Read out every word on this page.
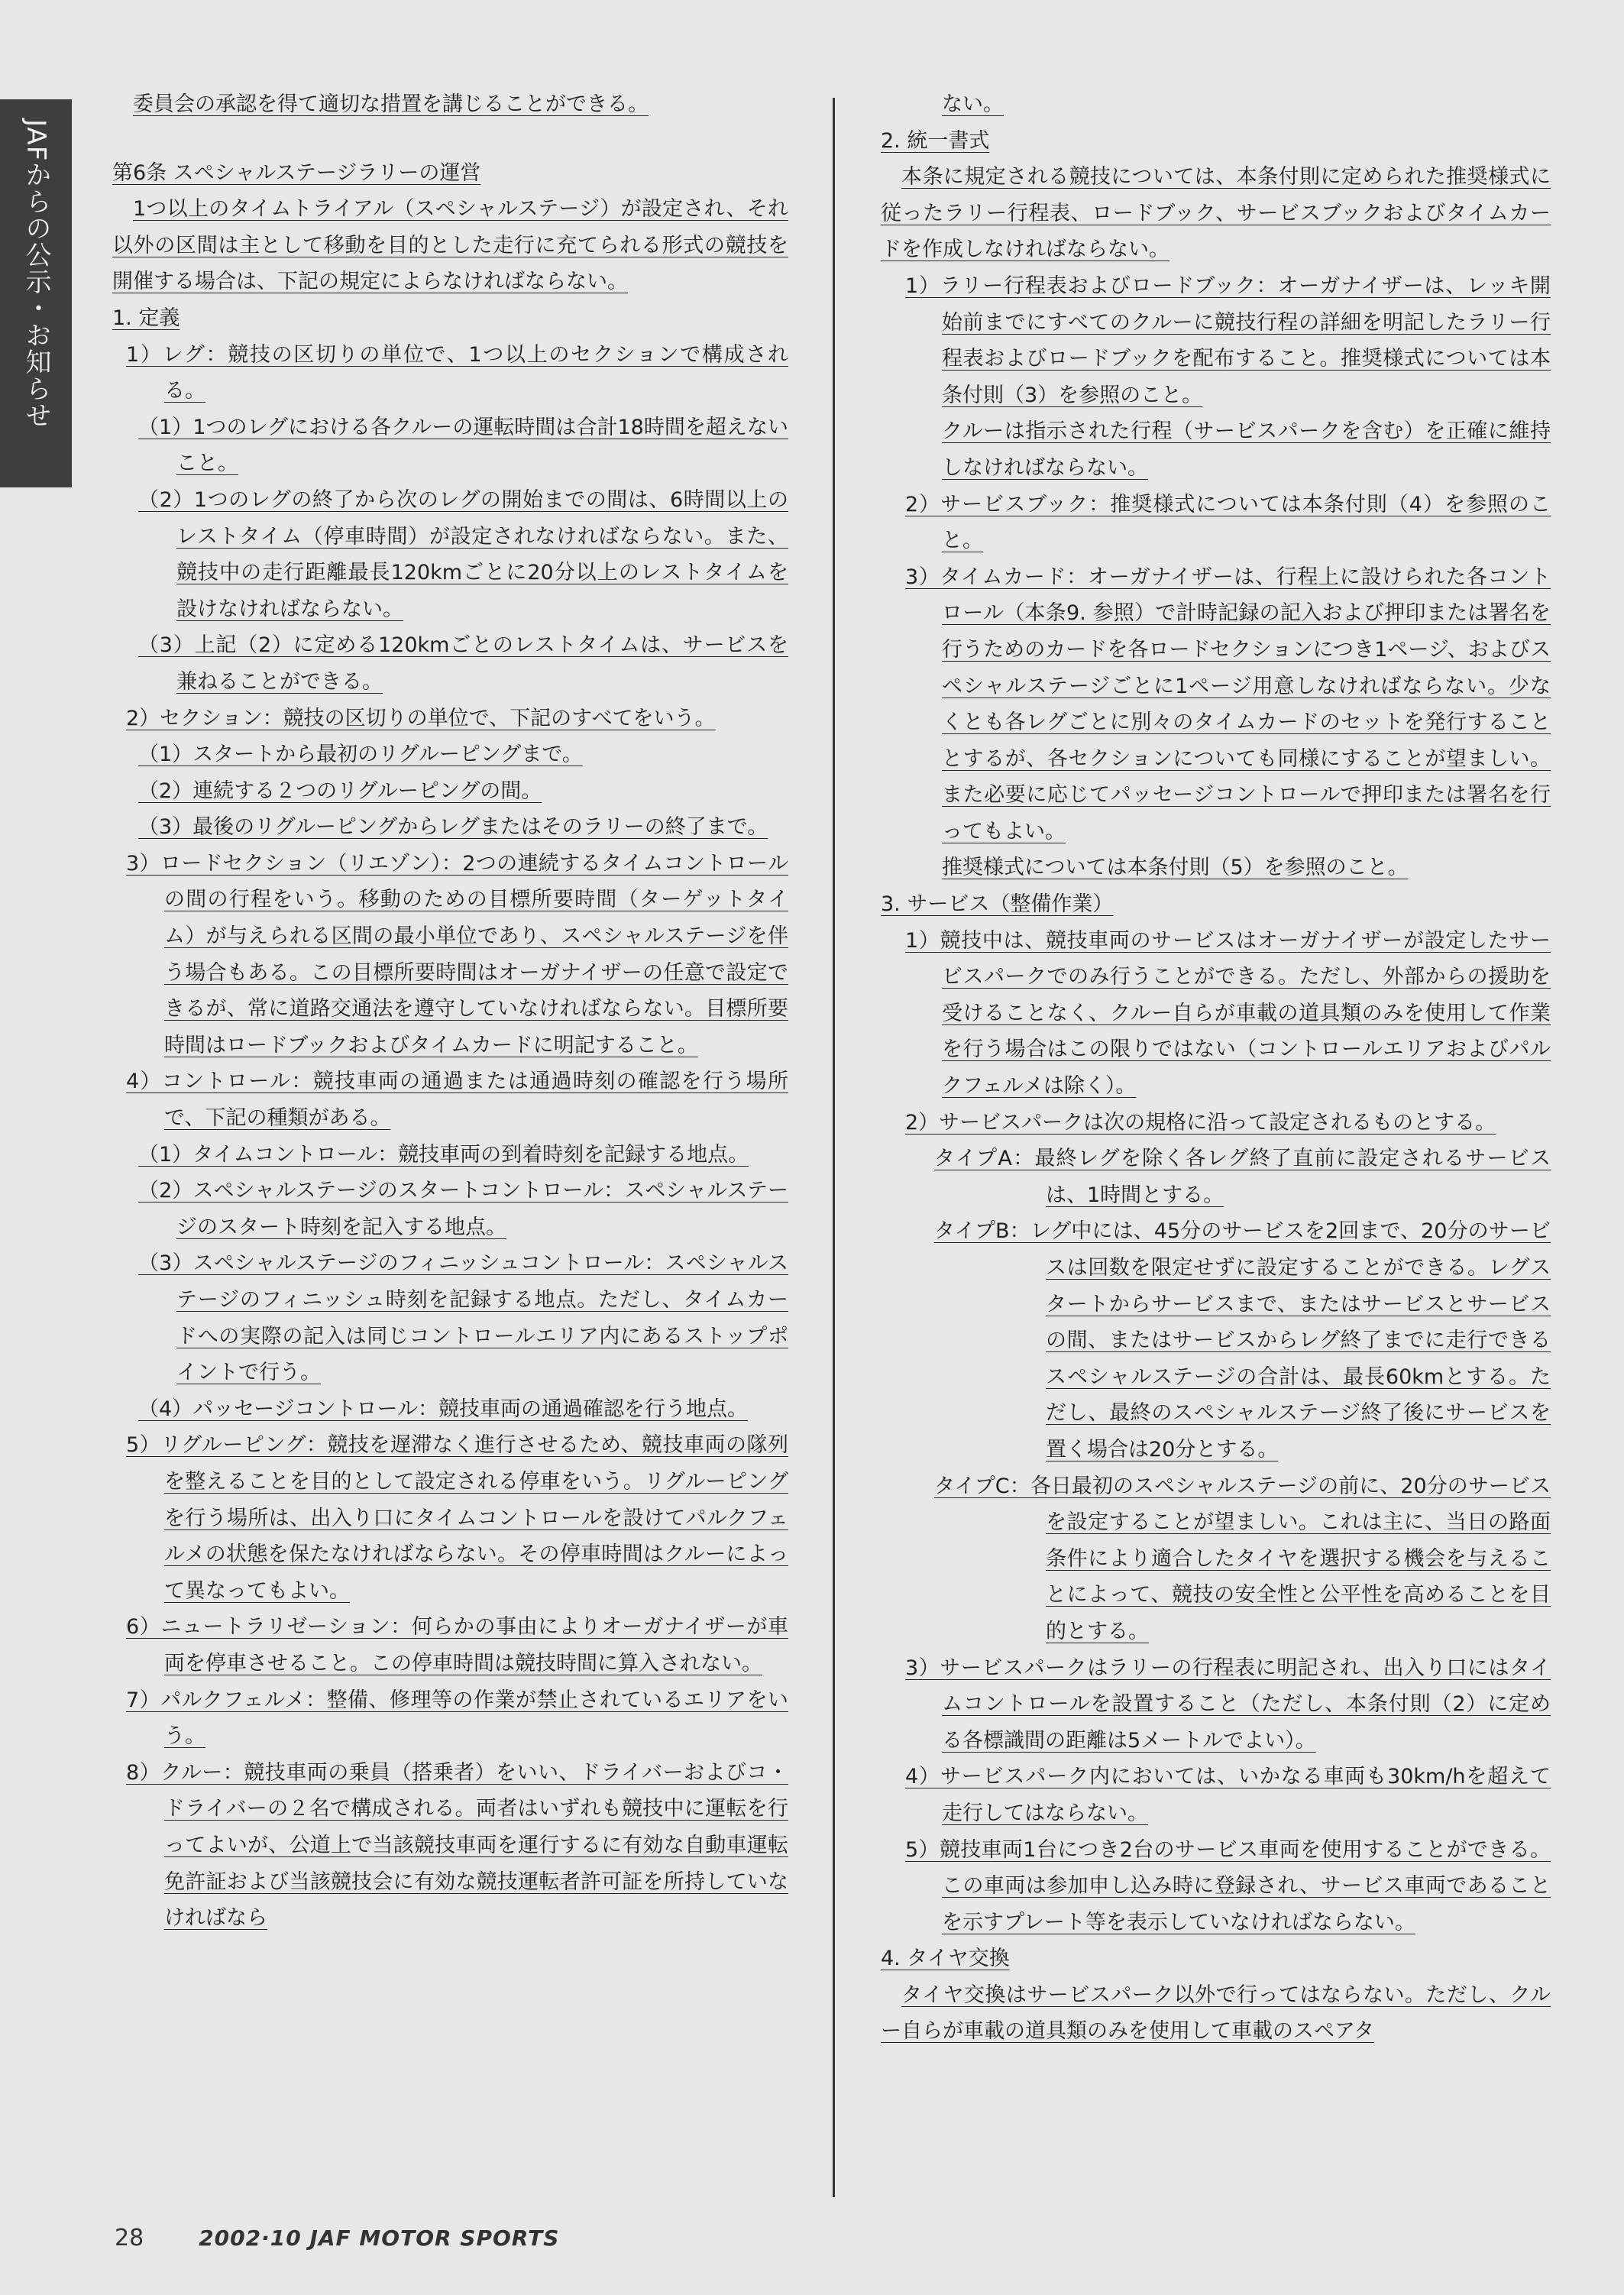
JAFからの公示・お知らせ

委員会の承認を得て適切な措置を講じることができる。

第6条 スペシャルステージラリーの運営

1つ以上のタイムトライアル（スペシャルステージ）が設定され、それ以外の区間は主として移動を目的とした走行に充てられる形式の競技を開催する場合は、下記の規定によらなければならない。

1. 定義

1）レグ：競技の区切りの単位で、1つ以上のセクションで構成される。

（1）1つのレグにおける各クルーの運転時間は合計18時間を超えないこと。

（2）1つのレグの終了から次のレグの開始までの間は、6時間以上のレストタイム（停車時間）が設定されなければならない。また、競技中の走行距離最長120kmごとに20分以上のレストタイムを設けなければならない。

（3）上記（2）に定める120kmごとのレストタイムは、サービスを兼ねることができる。

2）セクション：競技の区切りの単位で、下記のすべてをいう。

（1）スタートから最初のリグルーピングまで。

（2）連続する２つのリグルーピングの間。

（3）最後のリグルーピングからレグまたはそのラリーの終了まで。

3）ロードセクション（リエゾン）：2つの連続するタイムコントロールの間の行程をいう。移動のための目標所要時間（ターゲットタイム）が与えられる区間の最小単位であり、スペシャルステージを伴う場合もある。この目標所要時間はオーガナイザーの任意で設定できるが、常に道路交通法を遵守していなければならない。目標所要時間はロードブックおよびタイムカードに明記すること。

4）コントロール：競技車両の通過または通過時刻の確認を行う場所で、下記の種類がある。

（1）タイムコントロール：競技車両の到着時刻を記録する地点。

（2）スペシャルステージのスタートコントロール：スペシャルステージのスタート時刻を記入する地点。

（3）スペシャルステージのフィニッシュコントロール：スペシャルステージのフィニッシュ時刻を記録する地点。ただし、タイムカードへの実際の記入は同じコントロールエリア内にあるストップポイントで行う。

（4）パッセージコントロール：競技車両の通過確認を行う地点。

5）リグルーピング：競技を遅滞なく進行させるため、競技車両の隊列を整えることを目的として設定される停車をいう。リグルーピングを行う場所は、出入り口にタイムコントロールを設けてパルクフェルメの状態を保たなければならない。その停車時間はクルーによって異なってもよい。

6）ニュートラリゼーション：何らかの事由によりオーガナイザーが車両を停車させること。この停車時間は競技時間に算入されない。

7）パルクフェルメ：整備、修理等の作業が禁止されているエリアをいう。

8）クルー：競技車両の乗員（搭乗者）をいい、ドライバーおよびコ・ドライバーの２名で構成される。両者はいずれも競技中に運転を行ってよいが、公道上で当該競技車両を運行するに有効な自動車運転免許証および当該競技会に有効な競技運転者許可証を所持していなければなら

ない。

2. 統一書式

本条に規定される競技については、本条付則に定められた推奨様式に従ったラリー行程表、ロードブック、サービスブックおよびタイムカードを作成しなければならない。

1）ラリー行程表およびロードブック：オーガナイザーは、レッキ開始前までにすべてのクルーに競技行程の詳細を明記したラリー行程表およびロードブックを配布すること。推奨様式については本条付則（3）を参照のこと。

クルーは指示された行程（サービスパークを含む）を正確に維持しなければならない。

2）サービスブック：推奨様式については本条付則（4）を参照のこと。

3）タイムカード：オーガナイザーは、行程上に設けられた各コントロール（本条9. 参照）で計時記録の記入および押印または署名を行うためのカードを各ロードセクションにつき1ページ、およびスペシャルステージごとに1ページ用意しなければならない。少なくとも各レグごとに別々のタイムカードのセットを発行することとするが、各セクションについても同様にすることが望ましい。また必要に応じてパッセージコントロールで押印または署名を行ってもよい。

推奨様式については本条付則（5）を参照のこと。

3. サービス（整備作業）

1）競技中は、競技車両のサービスはオーガナイザーが設定したサービスパークでのみ行うことができる。ただし、外部からの援助を受けることなく、クルー自らが車載の道具類のみを使用して作業を行う場合はこの限りではない（コントロールエリアおよびパルクフェルメは除く）。

2）サービスパークは次の規格に沿って設定されるものとする。

タイプA：最終レグを除く各レグ終了直前に設定されるサービスは、1時間とする。

タイプB：レグ中には、45分のサービスを2回まで、20分のサービスは回数を限定せずに設定することができる。レグスタートからサービスまで、またはサービスとサービスの間、またはサービスからレグ終了までに走行できるスペシャルステージの合計は、最長60kmとする。ただし、最終のスペシャルステージ終了後にサービスを置く場合は20分とする。

タイプC：各日最初のスペシャルステージの前に、20分のサービスを設定することが望ましい。これは主に、当日の路面条件により適合したタイヤを選択する機会を与えることによって、競技の安全性と公平性を高めることを目的とする。

3）サービスパークはラリーの行程表に明記され、出入り口にはタイムコントロールを設置すること（ただし、本条付則（2）に定める各標識間の距離は5メートルでよい）。

4）サービスパーク内においては、いかなる車両も30km/hを超えて走行してはならない。

5）競技車両1台につき2台のサービス車両を使用することができる。この車両は参加申し込み時に登録され、サービス車両であることを示すプレート等を表示していなければならない。

4. タイヤ交換

タイヤ交換はサービスパーク以外で行ってはならない。ただし、クルー自らが車載の道具類のみを使用して車載のスペアタ

28	2002·10 JAF MOTOR SPORTS
